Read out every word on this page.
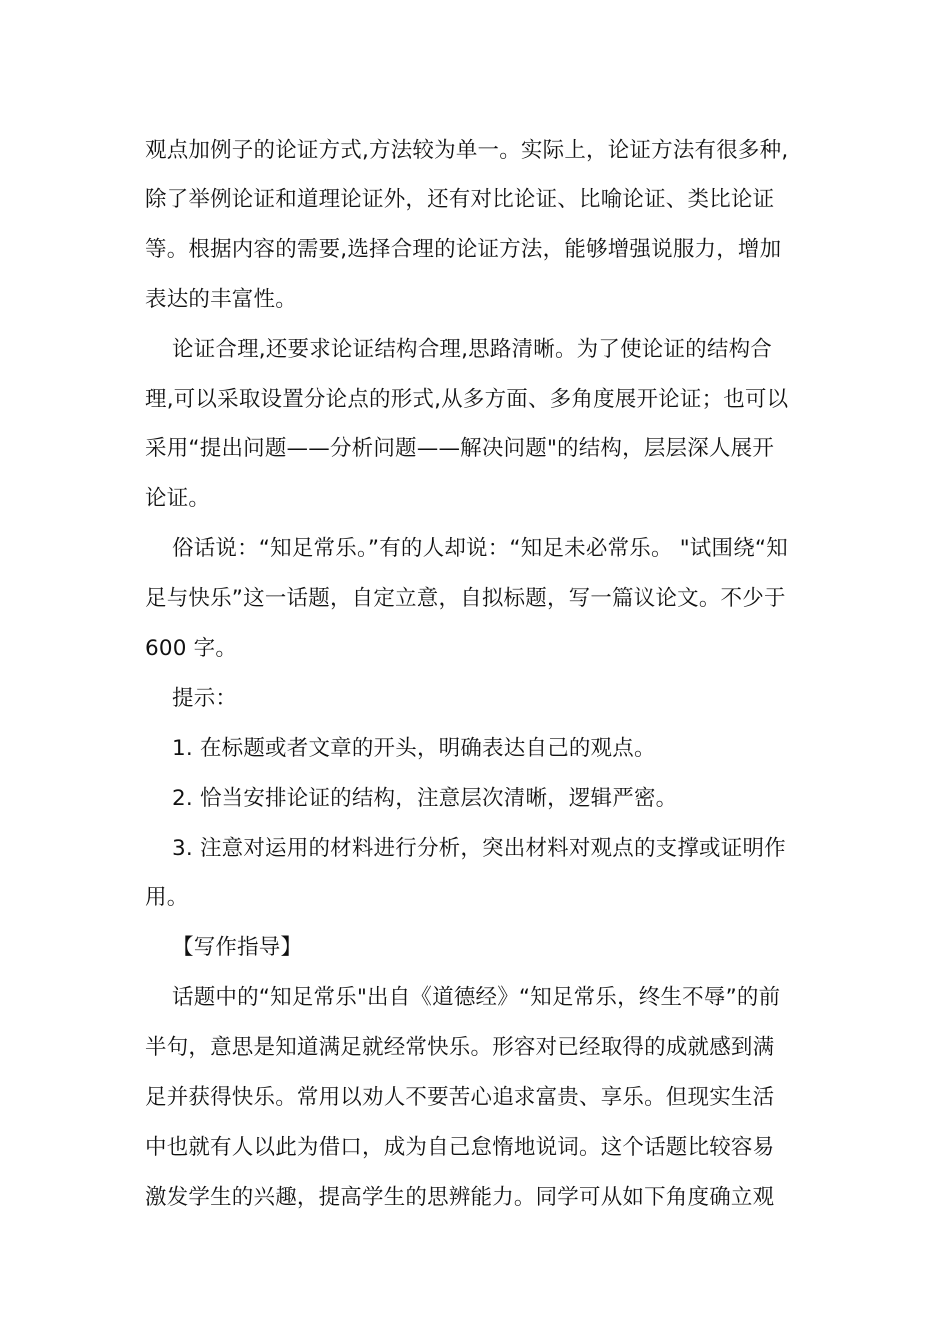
观点加例子的论证方式,方法较为单一。实际上，论证方法有很多种,
除了举例论证和道理论证外，还有对比论证、比喻论证、类比论证
等。根据内容的需要,选择合理的论证方法，能够增强说服力，增加
表达的丰富性。
论证合理,还要求论证结构合理,思路清晰。为了使论证的结构合
理,可以采取设置分论点的形式,从多方面、多角度展开论证；也可以
采用“提出问题——分析问题——解决问题"的结构，层层深人展开
论证。
俗话说：“知足常乐。”有的人却说：“知足未必常乐。 "试围绕“知
足与快乐”这一话题，自定立意，自拟标题，写一篇议论文。不少于
600 字。
提示：
1. 在标题或者文章的开头，明确表达自己的观点。
2. 恰当安排论证的结构，注意层次清晰，逻辑严密。
3. 注意对运用的材料进行分析，突出材料对观点的支撑或证明作
用。
【写作指导】
话题中的“知足常乐"出自《道德经》“知足常乐，终生不辱”的前
半句，意思是知道满足就经常快乐。形容对已经取得的成就感到满
足并获得快乐。常用以劝人不要苦心追求富贵、享乐。但现实生活
中也就有人以此为借口，成为自己怠惰地说词。这个话题比较容易
激发学生的兴趣，提高学生的思辨能力。同学可从如下角度确立观
